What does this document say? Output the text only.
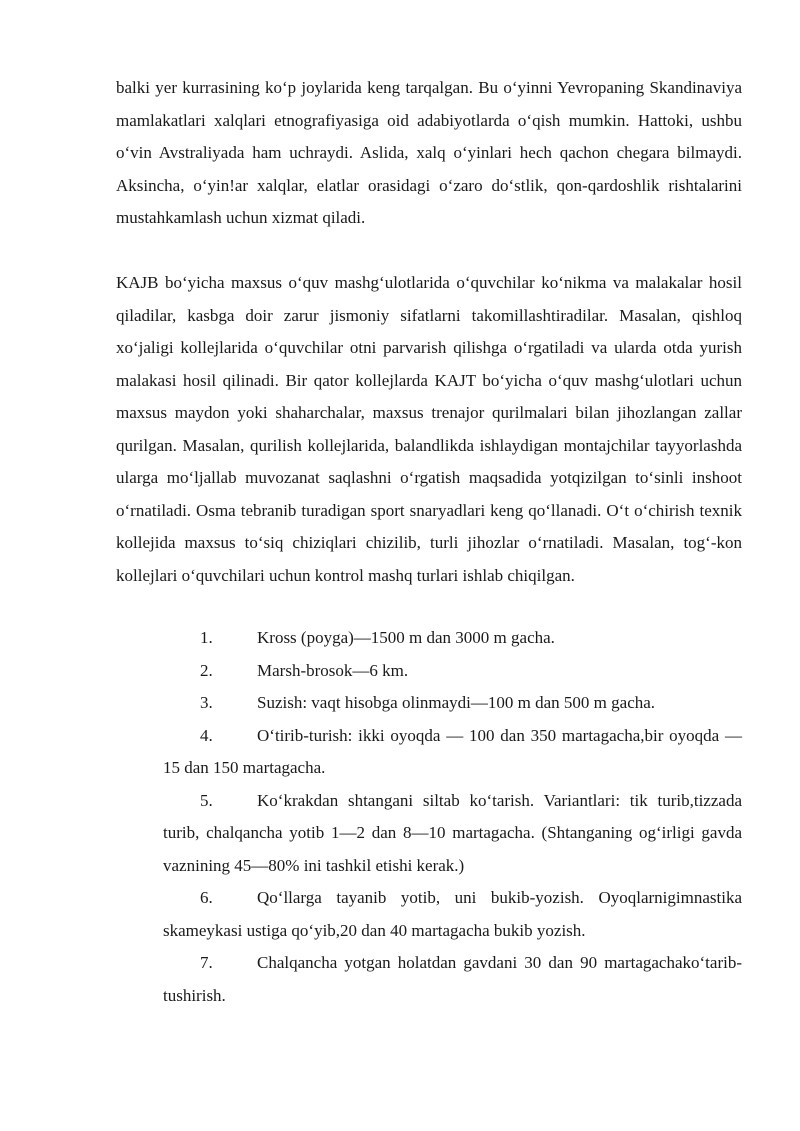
balki yer kurrasining ko‘p joylarida keng tarqalgan. Bu o‘yinni Yevropaning Skandinaviya mamlakatlari xalqlari etnografiyasiga oid adabiyotlarda o‘qish mumkin. Hattoki, ushbu o‘vin Avstraliyada ham uchraydi. Aslida, xalq o‘yinlari hech qachon chegara bilmaydi. Aksincha, o‘yin!ar xalqlar, elatlar orasidagi o‘zaro do‘stlik, qon-qardoshlik rishtalarini mustahkamlash uchun xizmat qiladi.

KAJB bo‘yicha maxsus o‘quv mashg‘ulotlarida o‘quvchilar ko‘nikma va malakalar hosil qiladilar, kasbga doir zarur jismoniy sifatlarni takomillashtiradilar. Masalan, qishloq xo‘jaligi kollejlarida o‘quvchilar otni parvarish qilishga o‘rgatiladi va ularda otda yurish malakasi hosil qilinadi. Bir qator kollejlarda KAJT bo‘yicha o‘quv mashg‘ulotlari uchun maxsus maydon yoki shaharchalar, maxsus trenajor qurilmalari bilan jihozlangan zallar qurilgan. Masalan, qurilish kollejlarida, balandlikda ishlaydigan montajchilar tayyorlashda ularga mo‘ljallab muvozanat saqlashni o‘rgatish maqsadida yotqizilgan to‘sinli inshoot o‘rnatiladi. Osma tebranib turadigan sport snaryadlari keng qo‘llanadi. O‘t o‘chirish texnik kollejida maxsus to‘siq chiziqlari chizilib, turli jihozlar o‘rnatiladi. Masalan, tog‘-kon kollejlari o‘quvchilari uchun kontrol mashq turlari ishlab chiqilgan.

1.	Kross (poyga)—1500 m dan 3000 m gacha.
2.	Marsh-brosok—6 km.
3.	Suzish: vaqt hisobga olinmaydi—100 m dan 500 m gacha.
4.	O‘tirib-turish: ikki oyoqda — 100 dan 350 martagacha,bir oyoqda — 15 dan 150 martagacha.
5.	Ko‘krakdan shtangani siltab ko‘tarish. Variantlari: tik turib,tizzada turib, chalqancha yotib 1—2 dan 8—10 martagacha. (Shtanganing og‘irligi gavda vaznining 45—80% ini tashkil etishi kerak.)
6.	Qo‘llarga tayanib yotib, uni bukib-yozish. Oyoqlarnigimnastika skameykasi ustiga qo‘yib,20 dan 40 martagacha bukib yozish.
7.	Chalqancha yotgan holatdan gavdani 30 dan 90 martagachako‘tarib-tushirish.
